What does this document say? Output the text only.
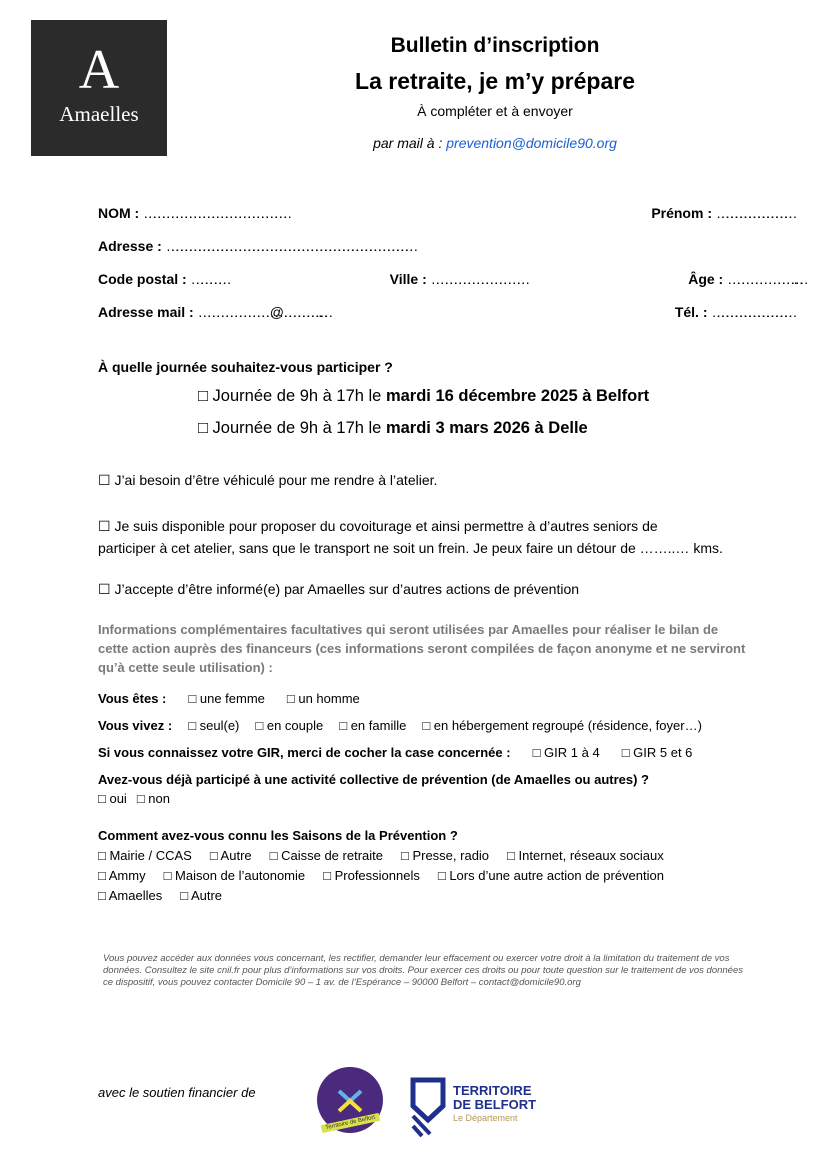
A
Amaelles
Bulletin d’inscription
La retraite, je m’y prépare
À compléter et à envoyer
par mail à : prevention@domicile90.org
NOM : …………………………………………………………………………………	Prénom : …………………………………………
Adresse : ………………………………………………………………………………………………………………………………………………
Code postal : …………………	Ville : ……………………………………………………	Âge : …………………………………………..
Adresse mail : …………………………………………@……………………………..	Tél. : ……………………………………………
À quelle journée souhaitez-vous participer ?
□ Journée de 9h à 17h le mardi 16 décembre 2025 à Belfort
□ Journée de 9h à 17h le mardi 3 mars 2026 à Delle
☐ J’ai besoin d’être véhiculé pour me rendre à l’atelier.
☐ Je suis disponible pour proposer du covoiturage et ainsi permettre à d’autres seniors de
participer à cet atelier, sans que le transport ne soit un frein. Je peux faire un détour de ……..… kms.
☐ J’accepte d’être informé(e) par Amaelles sur d’autres actions de prévention
Informations complémentaires facultatives qui seront utilisées par Amaelles pour réaliser le bilan de cette action auprès des financeurs (ces informations seront compilées de façon anonyme et ne serviront qu’à cette seule utilisation) :
Vous êtes : □ une femme □ un homme
Vous vivez : □ seul(e) □ en couple □ en famille □ en hébergement regroupé (résidence, foyer…)
Si vous connaissez votre GIR, merci de cocher la case concernée : □ GIR 1 à 4 □ GIR 5 et 6
Avez-vous déjà participé à une activité collective de prévention (de Amaelles ou autres) ?
□ oui □ non
Comment avez-vous connu les Saisons de la Prévention ?
□ Mairie / CCAS □ Autre □ Caisse de retraite □ Presse, radio □ Internet, réseaux sociaux
□ Ammy □ Maison de l’autonomie □ Professionnels □ Lors d’une autre action de prévention
□ Amaelles □ Autre
Vous pouvez accéder aux données vous concernant, les rectifier, demander leur effacement ou exercer votre droit à la limitation du traitement de vos
données. Consultez le site cnil.fr pour plus d’informations sur vos droits. Pour exercer ces droits ou pour toute question sur le traitement de vos données
ce dispositif, vous pouvez contacter Domicile 90 – 1 av. de l’Espérance – 90000 Belfort – contact@domicile90.org
avec le soutien financier de
Territoire de Belfort
TERRITOIRE
DE BELFORT
Le Département
